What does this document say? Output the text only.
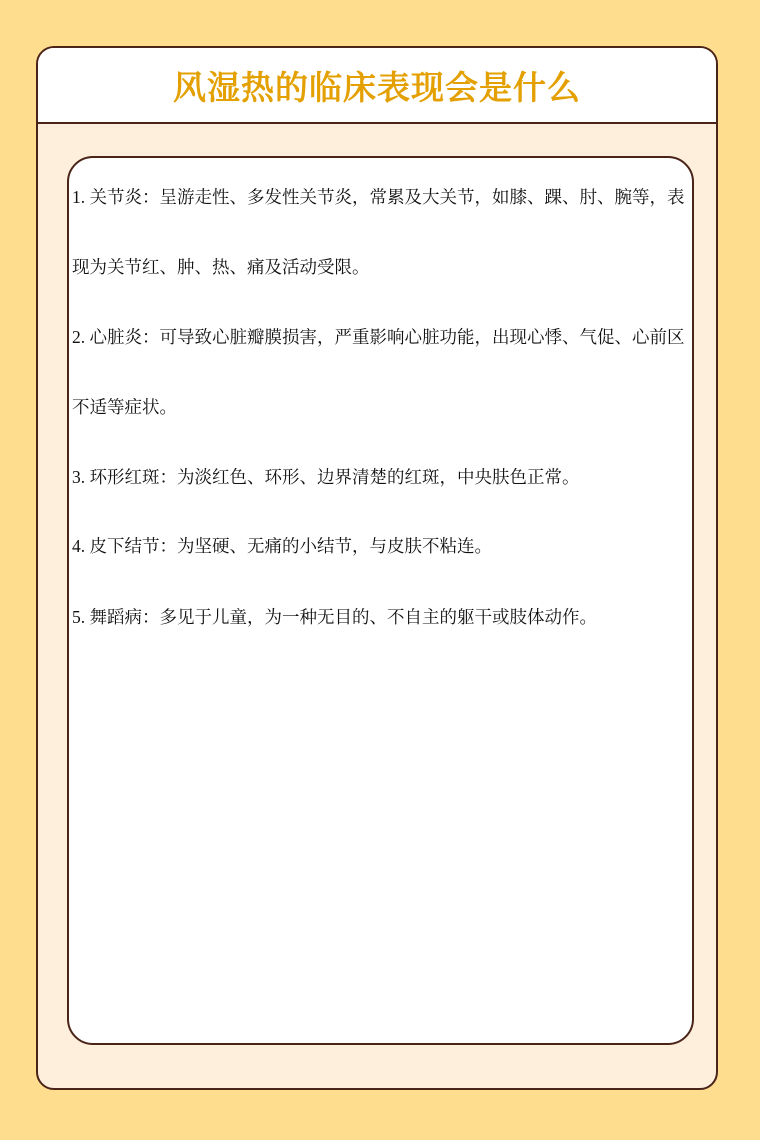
风湿热的临床表现会是什么

1. 关节炎：呈游走性、多发性关节炎，常累及大关节，如膝、踝、肘、腕等，表现为关节红、肿、热、痛及活动受限。

2. 心脏炎：可导致心脏瓣膜损害，严重影响心脏功能，出现心悸、气促、心前区不适等症状。

3. 环形红斑：为淡红色、环形、边界清楚的红斑，中央肤色正常。

4. 皮下结节：为坚硬、无痛的小结节，与皮肤不粘连。

5. 舞蹈病：多见于儿童，为一种无目的、不自主的躯干或肢体动作。
